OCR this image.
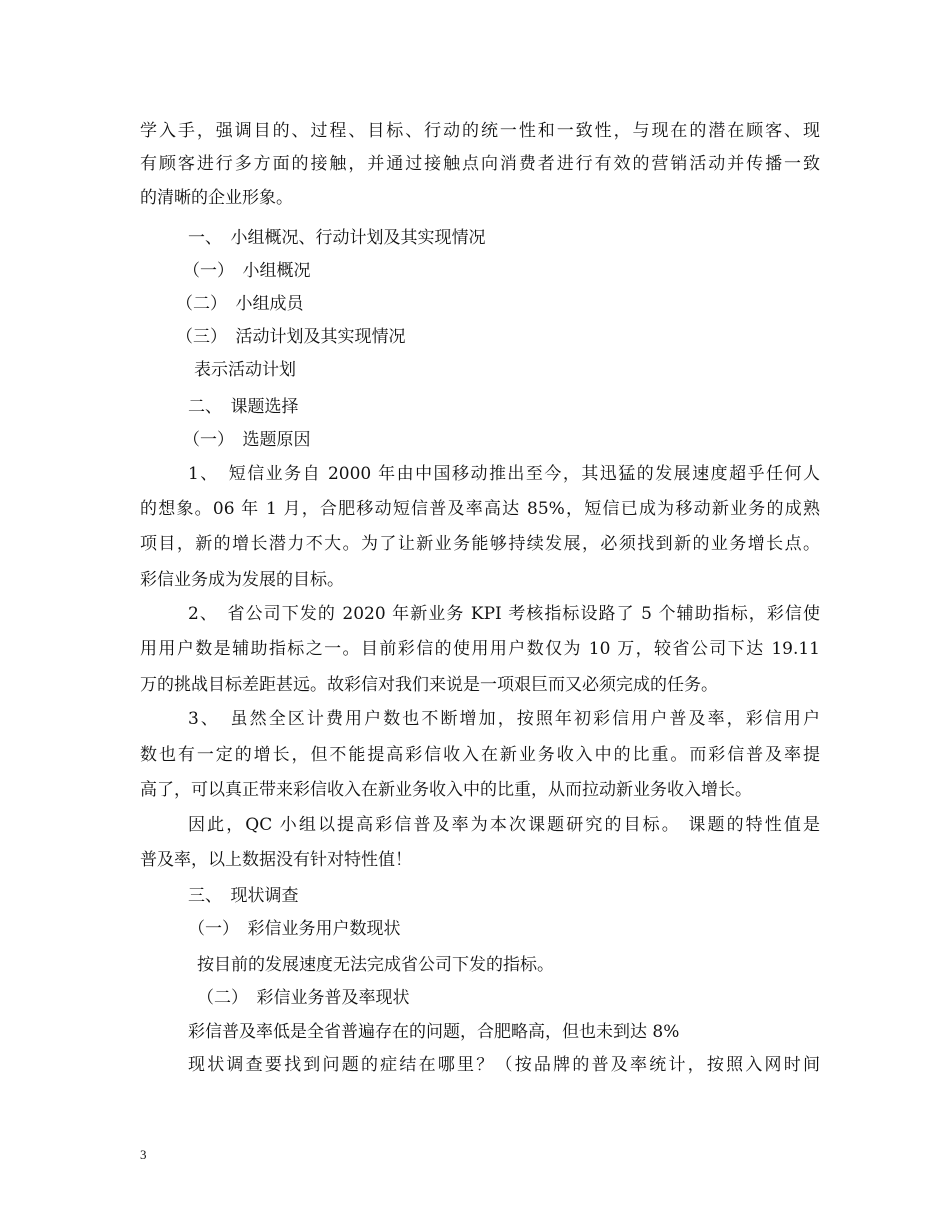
学入手，强调目的、过程、目标、行动的统一性和一致性，与现在的潜在顾客、现
有顾客进行多方面的接触，并通过接触点向消费者进行有效的营销活动并传播一致
的清晰的企业形象。
一、　小组概况、行动计划及其实现情况
（一）　小组概况
（二）　小组成员
（三）　活动计划及其实现情况
表示活动计划
二、　课题选择
（一）　选题原因
1、　短信业务自 2000 年由中国移动推出至今，其迅猛的发展速度超乎任何人
的想象。06 年 1 月，合肥移动短信普及率高达 85%，短信已成为移动新业务的成熟
项目，新的增长潜力不大。为了让新业务能够持续发展，必须找到新的业务增长点。
彩信业务成为发展的目标。
2、　省公司下发的 2020 年新业务 KPI 考核指标设路了 5 个辅助指标，彩信使
用用户数是辅助指标之一。目前彩信的使用用户数仅为 10 万，较省公司下达 19.11
万的挑战目标差距甚远。故彩信对我们来说是一项艰巨而又必须完成的任务。
3、　虽然全区计费用户数也不断增加，按照年初彩信用户普及率，彩信用户
数也有一定的增长，但不能提高彩信收入在新业务收入中的比重。而彩信普及率提
高了，可以真正带来彩信收入在新业务收入中的比重，从而拉动新业务收入增长。
因此，QC 小组以提高彩信普及率为本次课题研究的目标。 课题的特性值是
普及率，以上数据没有针对特性值！
三、　现状调查
（一）　彩信业务用户数现状
按目前的发展速度无法完成省公司下发的指标。
（二）　彩信业务普及率现状
彩信普及率低是全省普遍存在的问题，合肥略高，但也未到达 8%
现状调查要找到问题的症结在哪里？（按品牌的普及率统计，按照入网时间
3
